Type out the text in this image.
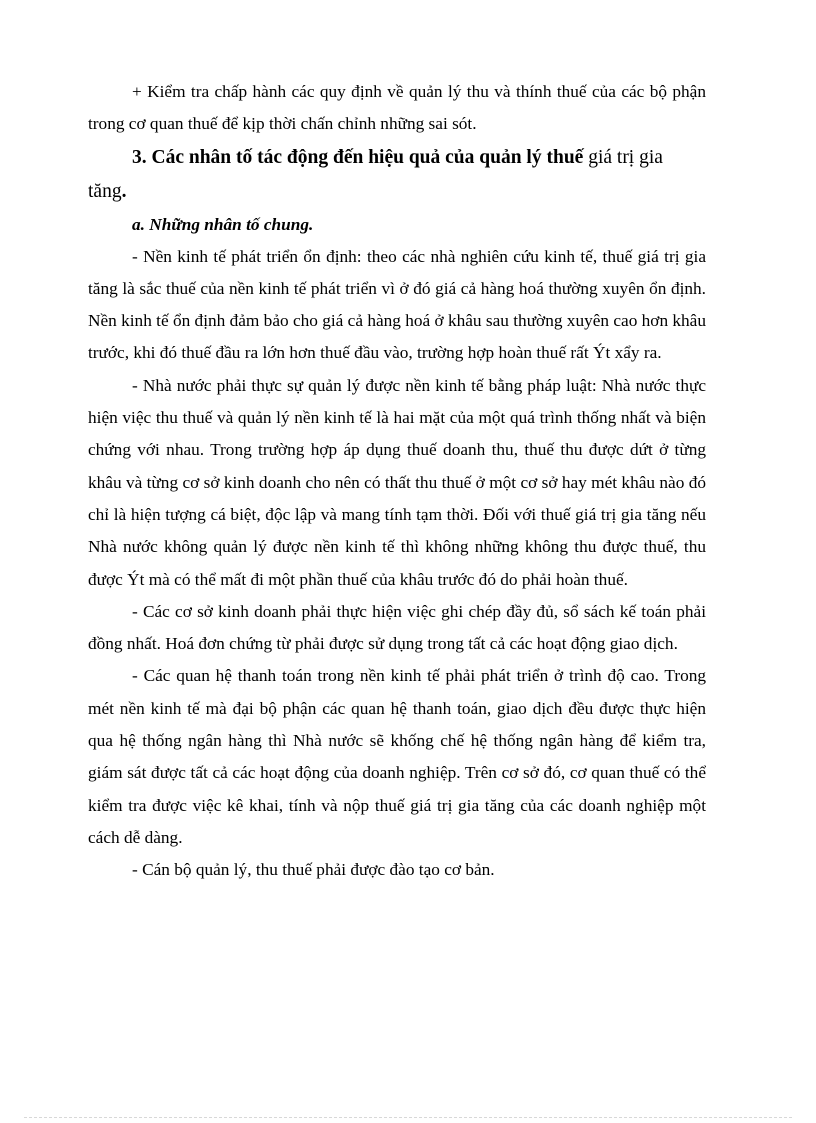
+ Kiểm tra chấp hành các quy định về quản lý thu và thính thuế của các bộ phận trong cơ quan thuế để kịp thời chấn chỉnh những sai sót.

3. Các nhân tố tác động đến hiệu quả của quản lý thuế giá trị gia tăng.

a. Những nhân tố chung.

- Nền kinh tế phát triển ổn định: theo các nhà nghiên cứu kinh tế, thuế giá trị gia tăng là sắc thuế của nền kinh tế phát triển vì ở đó giá cả hàng hoá thường xuyên ổn định. Nền kinh tế ổn định đảm bảo cho giá cả hàng hoá ở khâu sau thường xuyên cao hơn khâu trước, khi đó thuế đầu ra lớn hơn thuế đầu vào, trường hợp hoàn thuế rất Ýt xẩy ra.

- Nhà nước phải thực sự quản lý được nền kinh tế bằng pháp luật: Nhà nước thực hiện việc thu thuế và quản lý nền kinh tế là hai mặt của một quá trình thống nhất và biện chứng với nhau. Trong trường hợp áp dụng thuế doanh thu, thuế thu được dứt ở từng khâu và từng cơ sở kinh doanh cho nên có thất thu thuế ở một cơ sở hay mét khâu nào đó chỉ là hiện tượng cá biệt, độc lập và mang tính tạm thời. Đối với thuế giá trị gia tăng nếu Nhà nước không quản lý được nền kinh tế thì không những không thu được thuế, thu được Ýt mà có thể mất đi một phần thuế của khâu trước đó do phải hoàn thuế.

- Các cơ sở kinh doanh phải thực hiện việc ghi chép đầy đủ, sổ sách kế toán phải đồng nhất. Hoá đơn chứng từ phải được sử dụng trong tất cả các hoạt động giao dịch.

- Các quan hệ thanh toán trong nền kinh tế phải phát triển ở trình độ cao. Trong mét nền kinh tế mà đại bộ phận các quan hệ thanh toán, giao dịch đều được thực hiện qua hệ thống ngân hàng thì Nhà nước sẽ khống chế hệ thống ngân hàng để kiểm tra, giám sát được tất cả các hoạt động của doanh nghiệp. Trên cơ sở đó, cơ quan thuế có thể kiểm tra được việc kê khai, tính và nộp thuế giá trị gia tăng của các doanh nghiệp một cách dễ dàng.

- Cán bộ quản lý, thu thuế phải được đào tạo cơ bản.
